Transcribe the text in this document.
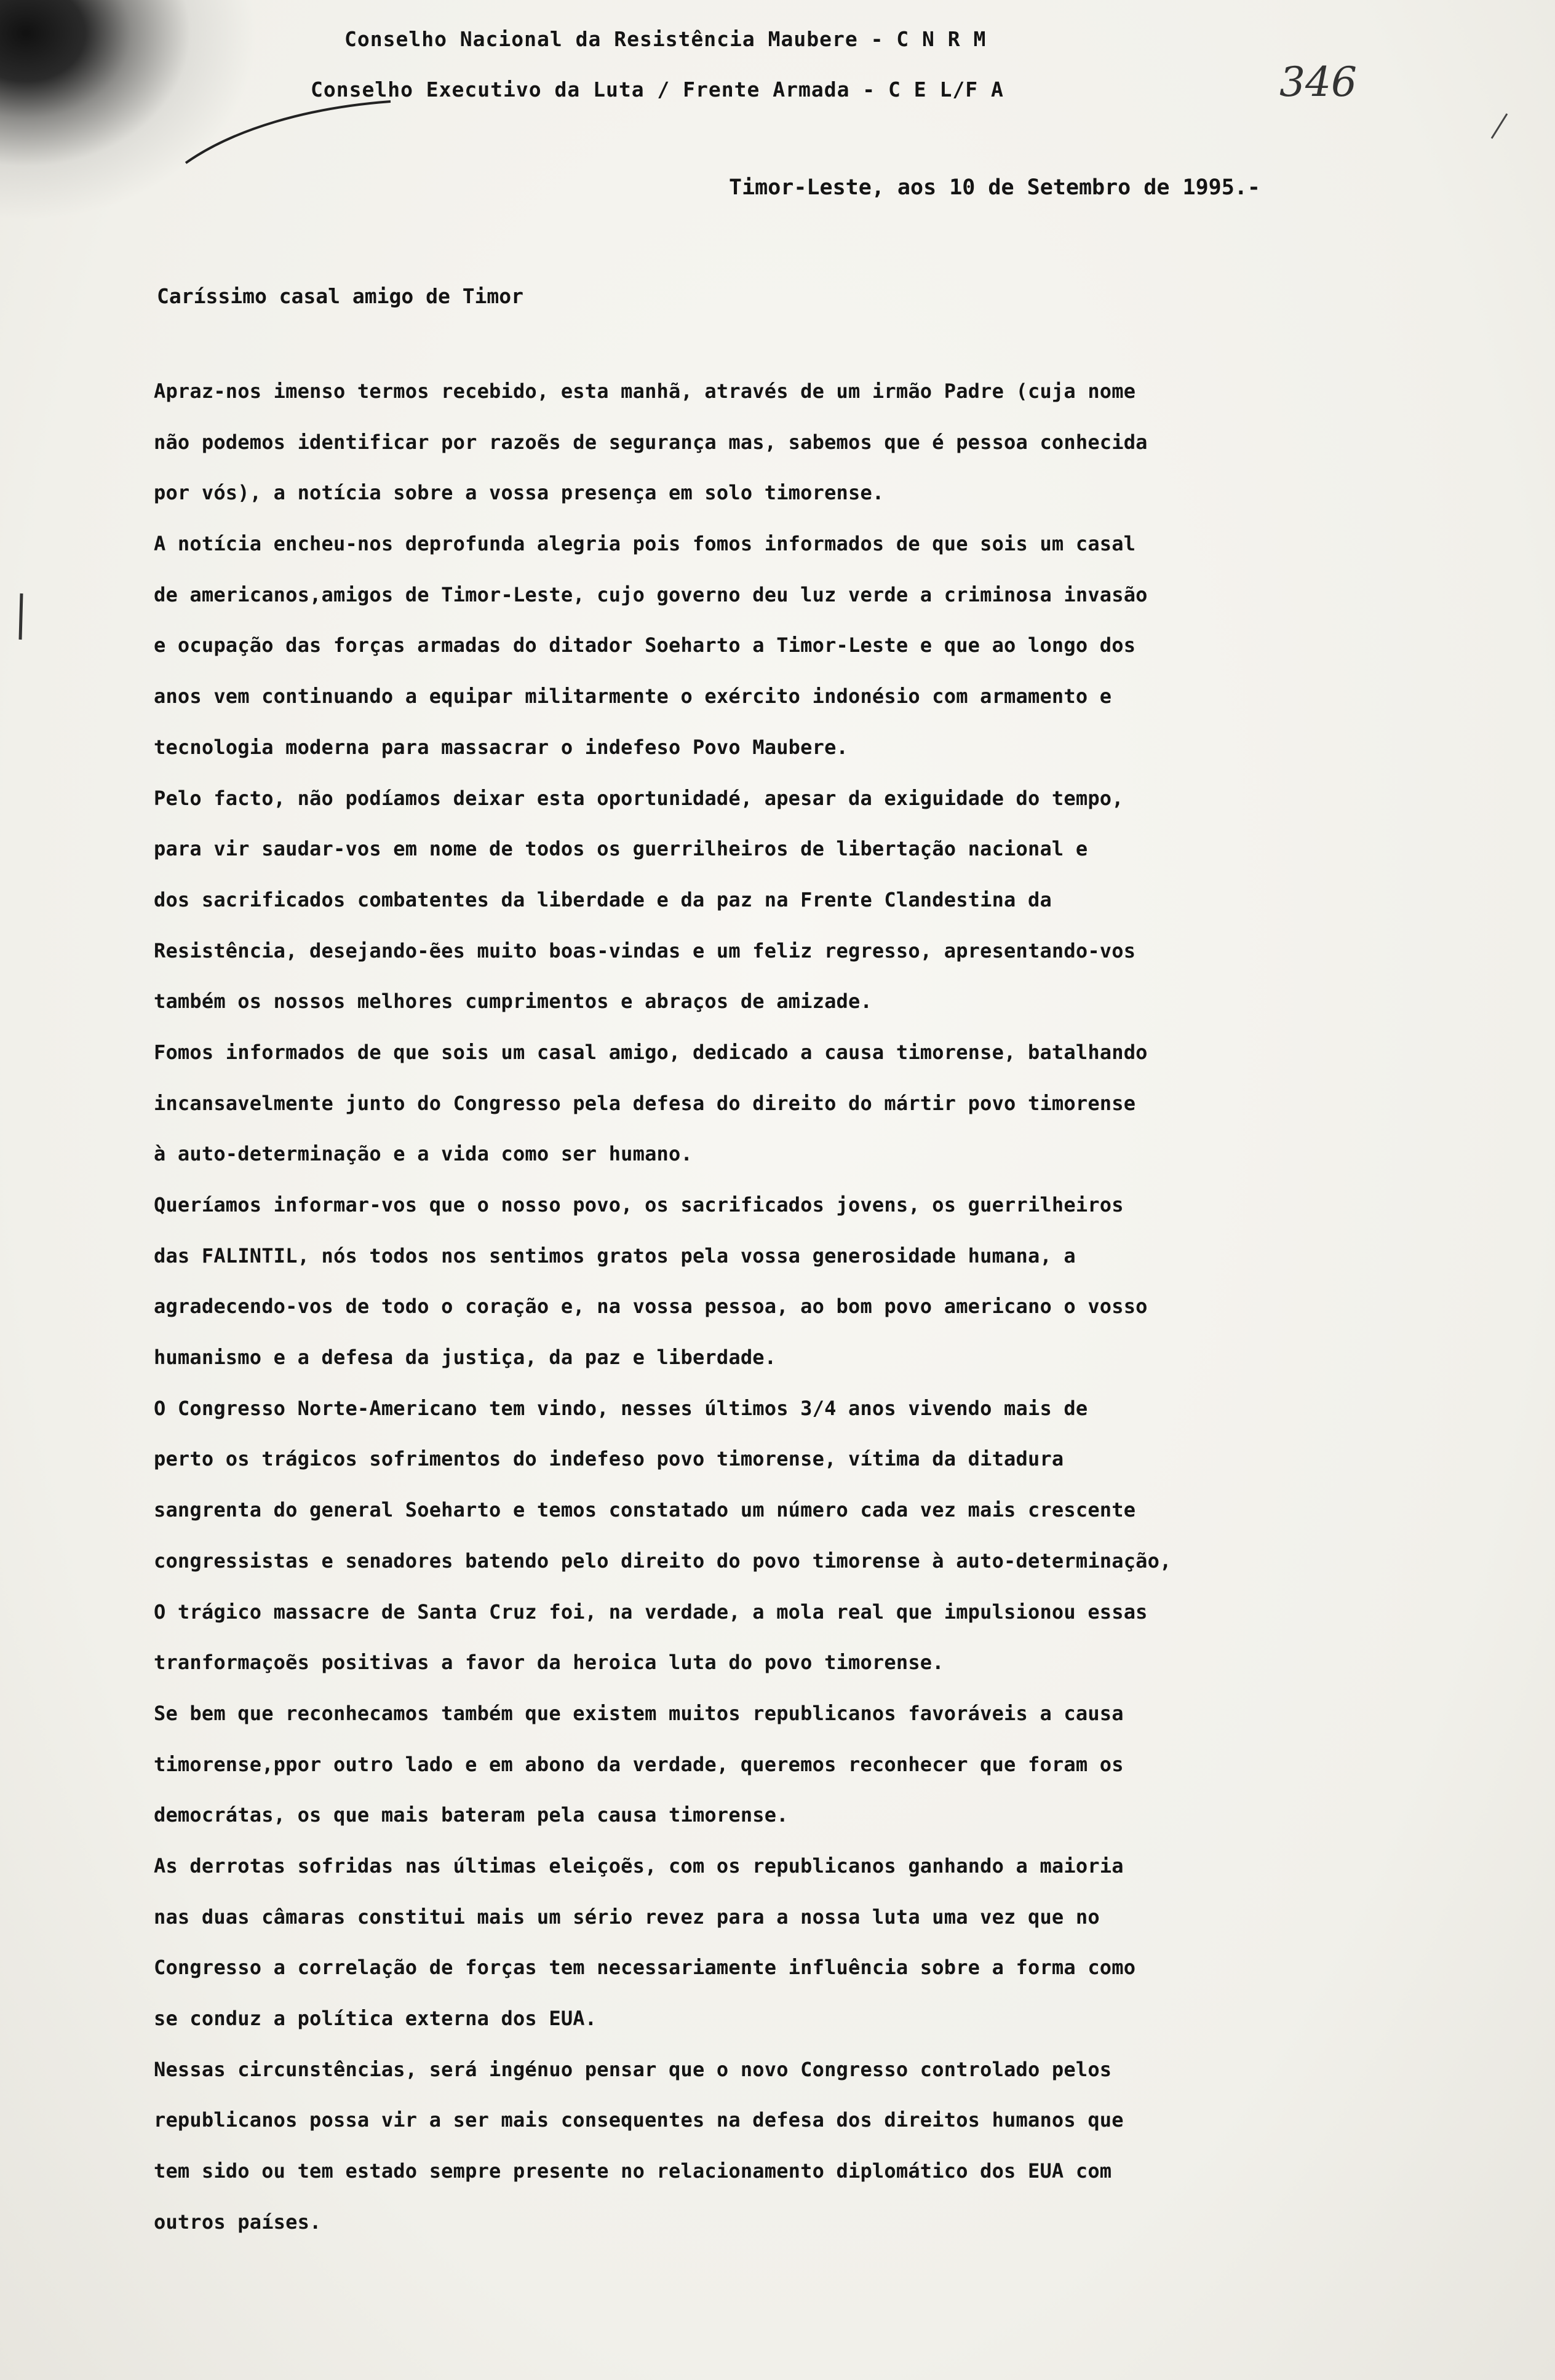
Conselho Nacional da Resistência Maubere - C N R M
Conselho Executivo da Luta / Frente Armada - C E L/F A	346
Timor-Leste, aos 10 de Setembro de 1995.-
Caríssimo casal amigo de Timor
Apraz-nos imenso termos recebido, esta manhã, através de um irmão Padre (cuja nome
não podemos identificar por razoẽs de segurança mas, sabemos que é pessoa conhecida
por vós), a notícia sobre a vossa presença em solo timorense.
A notícia encheu-nos deprofunda alegria pois fomos informados de que sois um casal
de americanos,amigos de Timor-Leste, cujo governo deu luz verde a criminosa invasão
e ocupação das forças armadas do ditador Soeharto a Timor-Leste e que ao longo dos
anos vem continuando a equipar militarmente o exército indonésio com armamento e
tecnologia moderna para massacrar o indefeso Povo Maubere.
Pelo facto, não podíamos deixar esta oportunidadé, apesar da exiguidade do tempo,
para vir saudar-vos em nome de todos os guerrilheiros de libertação nacional e
dos sacrificados combatentes da liberdade e da paz na Frente Clandestina da
Resistência, desejando-ẽes muito boas-vindas e um feliz regresso, apresentando-vos
também os nossos melhores cumprimentos e abraços de amizade.
Fomos informados de que sois um casal amigo, dedicado a causa timorense, batalhando
incansavelmente junto do Congresso pela defesa do direito do mártir povo timorense
à auto-determinação e a vida como ser humano.
Queríamos informar-vos que o nosso povo, os sacrificados jovens, os guerrilheiros
das FALINTIL, nós todos nos sentimos gratos pela vossa generosidade humana, a
agradecendo-vos de todo o coração e, na vossa pessoa, ao bom povo americano o vosso
humanismo e a defesa da justiça, da paz e liberdade.
O Congresso Norte-Americano tem vindo, nesses últimos 3/4 anos vivendo mais de
perto os trágicos sofrimentos do indefeso povo timorense, vítima da ditadura
sangrenta do general Soeharto e temos constatado um número cada vez mais crescente
congressistas e senadores batendo pelo direito do povo timorense à auto-determinação,
O trágico massacre de Santa Cruz foi, na verdade, a mola real que impulsionou essas
tranformaçoẽs positivas a favor da heroica luta do povo timorense.
Se bem que reconhecamos também que existem muitos republicanos favoráveis a causa
timorense,ppor outro lado e em abono da verdade, queremos reconhecer que foram os
democrátas, os que mais bateram pela causa timorense.
As derrotas sofridas nas últimas eleiçoẽs, com os republicanos ganhando a maioria
nas duas câmaras constitui mais um sério revez para a nossa luta uma vez que no
Congresso a correlação de forças tem necessariamente influência sobre a forma como
se conduz a política externa dos EUA.
Nessas circunstências, será ingénuo pensar que o novo Congresso controlado pelos
republicanos possa vir a ser mais consequentes na defesa dos direitos humanos que
tem sido ou tem estado sempre presente no relacionamento diplomático dos EUA com
outros países.
